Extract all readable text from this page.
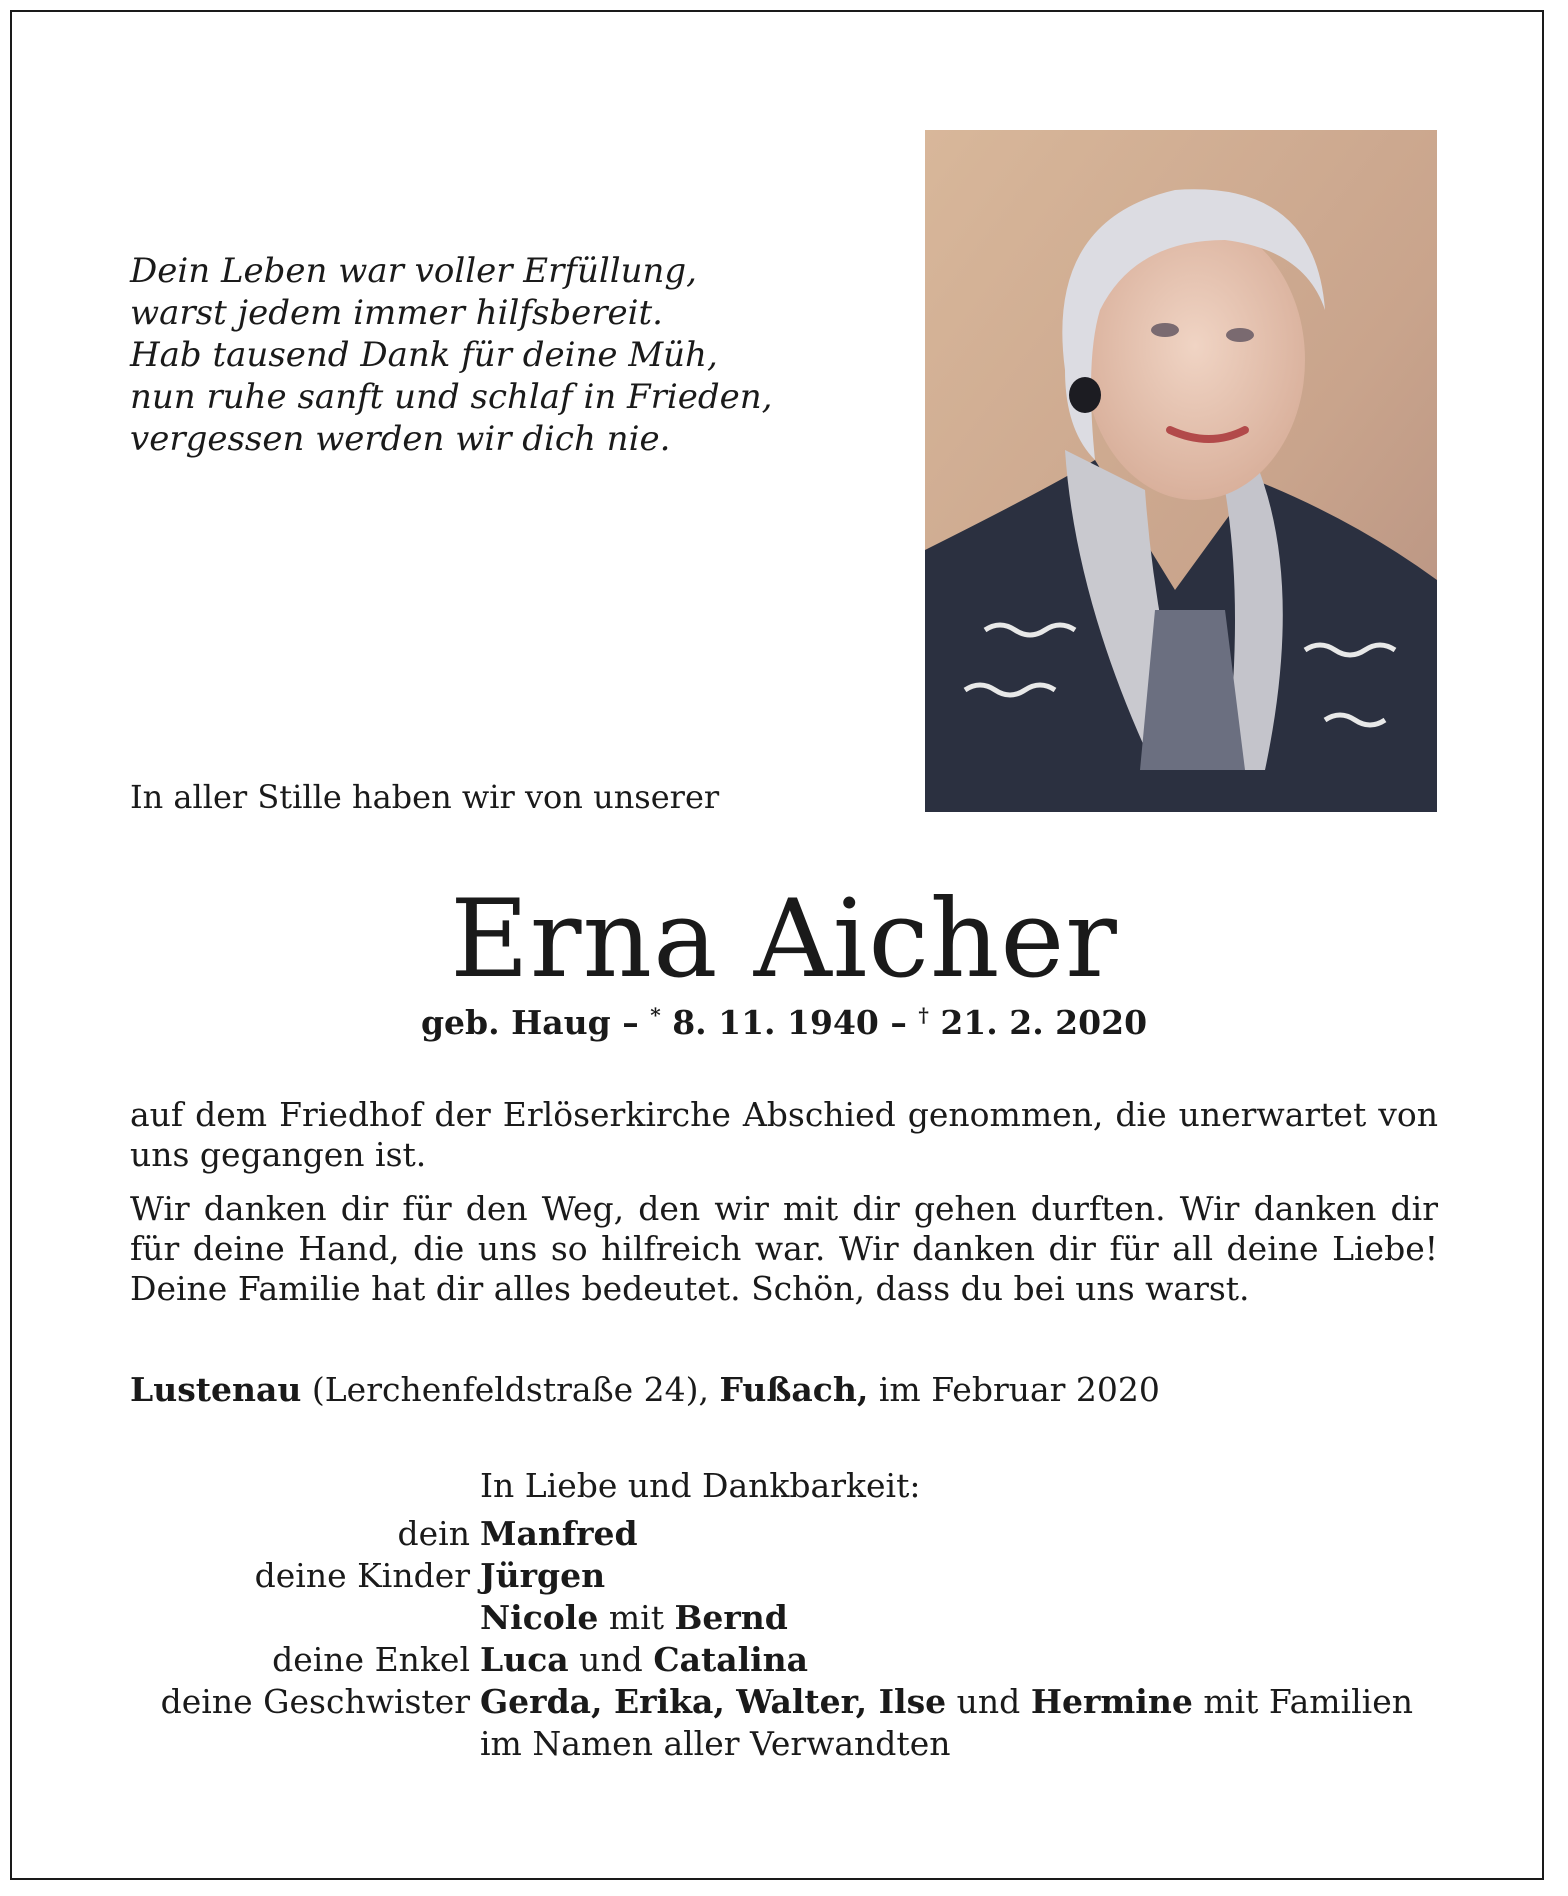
Dein Leben war voller Erfüllung,
warst jedem immer hilfsbereit.
Hab tausend Dank für deine Müh,
nun ruhe sanft und schlaf in Frieden,
vergessen werden wir dich nie.
In aller Stille haben wir von unserer
Erna Aicher
geb. Haug – * 8. 11. 1940 – † 21. 2. 2020

auf dem Friedhof der Erlöserkirche Abschied genommen, die unerwartet von uns gegangen ist.

Wir danken dir für den Weg, den wir mit dir gehen durften. Wir danken dir für deine Hand, die uns so hilfreich war. Wir danken dir für all deine Liebe! Deine Familie hat dir alles bedeutet. Schön, dass du bei uns warst.

Lustenau (Lerchenfeldstraße 24), Fußach, im Februar 2020
In Liebe und Dankbarkeit:
dein Manfred
deine Kinder Jürgen
Nicole mit Bernd
deine Enkel Luca und Catalina
deine Geschwister Gerda, Erika, Walter, Ilse und Hermine mit Familien
im Namen aller Verwandten
